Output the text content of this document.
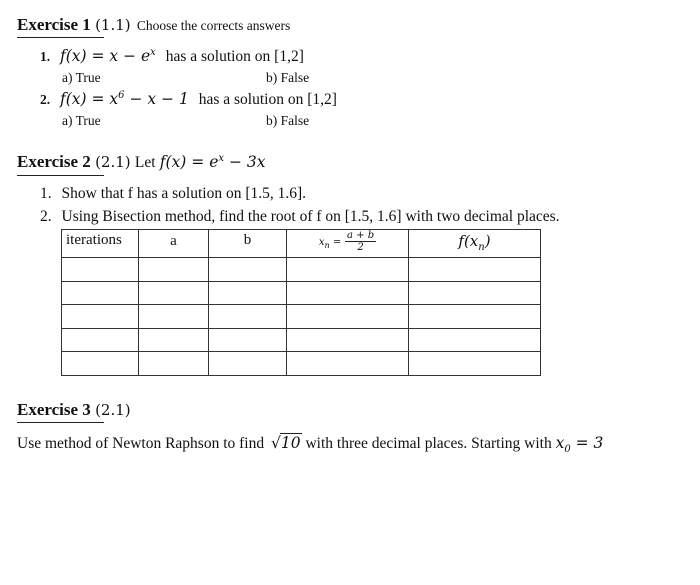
Exercise 1 (1.1) Choose the corrects answers
1. $f(x) = x - e^x$ has a solution on [1,2]
a) True	b) False
2. $f(x) = x^6 - x - 1$ has a solution on [1,2]
a) True	b) False
Exercise 2 (2.1) Let $f(x) = e^x - 3x$
1. Show that f has a solution on [1.5, 1.6].
2. Using Bisection method, find the root of f on [1.5, 1.6] with two decimal places.
iterations	a	b	$x_n = \frac{a + b}{2}$	$f(x_n)$

Exercise 3 (2.1)
Use method of Newton Raphson to find √10 with three decimal places. Starting with $x_0 = 3$
